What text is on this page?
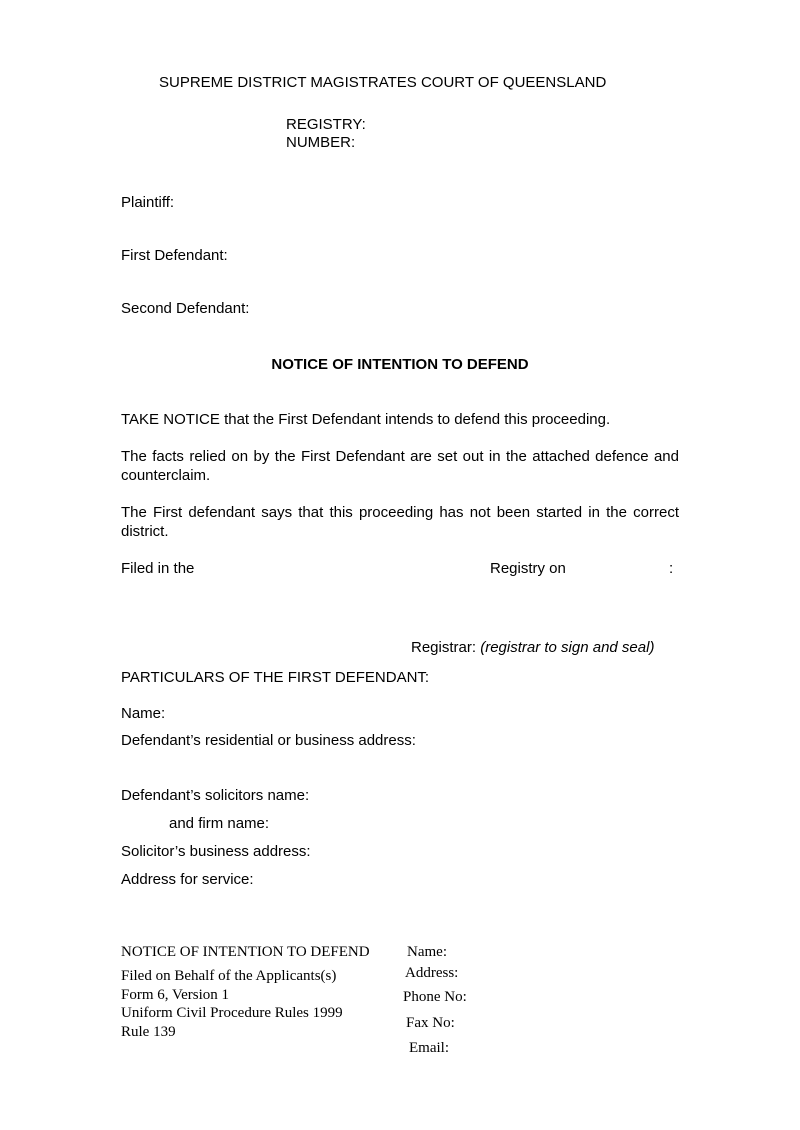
SUPREME DISTRICT MAGISTRATES COURT OF QUEENSLAND
REGISTRY:
NUMBER:
Plaintiff:
First Defendant:
Second Defendant:
NOTICE OF INTENTION TO DEFEND
TAKE NOTICE that the First Defendant intends to defend this proceeding.
The facts relied on by the First Defendant are set out in the attached defence and counterclaim.
The First defendant says that this proceeding has not been started in the correct district.
Filed in the	Registry on	:
Registrar: (registrar to sign and seal)
PARTICULARS OF THE FIRST DEFENDANT:
Name:
Defendant’s residential or business address:
Defendant’s solicitors name:
and firm name:
Solicitor’s business address:
Address for service:
NOTICE OF INTENTION TO DEFEND
Filed on Behalf of the Applicants(s)
Form 6, Version 1
Uniform Civil Procedure Rules 1999
Rule 139
Name:
Address:
Phone No:
Fax No:
Email:
